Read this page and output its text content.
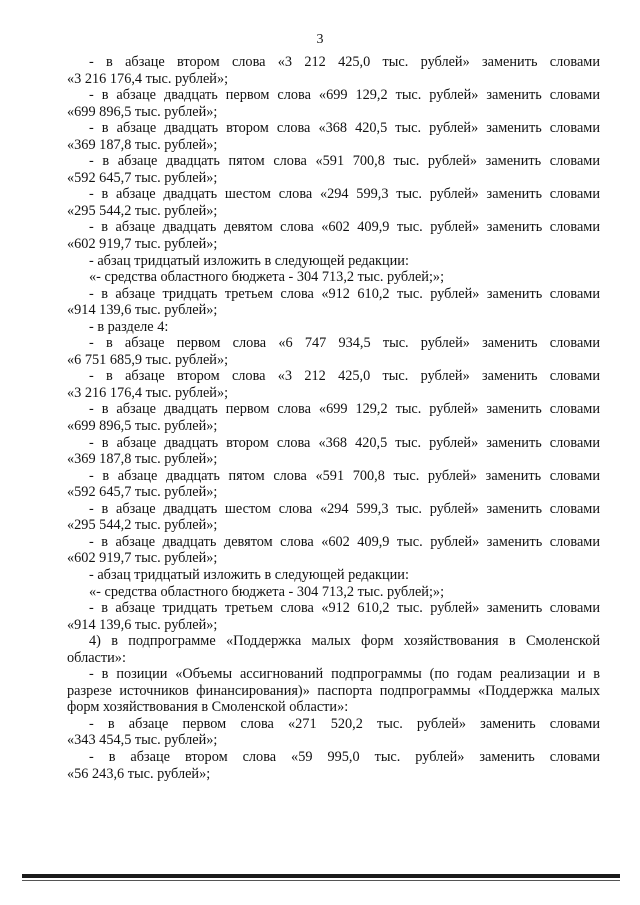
3
- в абзаце втором слова «3 212 425,0 тыс. рублей» заменить словами
«3 216 176,4 тыс. рублей»;
- в абзаце двадцать первом слова «699 129,2 тыс. рублей» заменить словами
«699 896,5 тыс. рублей»;
- в абзаце двадцать втором слова «368 420,5 тыс. рублей» заменить словами
«369 187,8 тыс. рублей»;
- в абзаце двадцать пятом слова «591 700,8 тыс. рублей» заменить словами
«592 645,7 тыс. рублей»;
- в абзаце двадцать шестом слова «294 599,3 тыс. рублей» заменить словами
«295 544,2 тыс. рублей»;
- в абзаце двадцать девятом слова «602 409,9 тыс. рублей» заменить словами
«602 919,7 тыс. рублей»;
- абзац тридцатый изложить в следующей редакции:
«- средства областного бюджета - 304 713,2 тыс. рублей;»;
- в абзаце тридцать третьем слова «912 610,2 тыс. рублей» заменить словами
«914 139,6 тыс. рублей»;
- в разделе 4:
- в абзаце первом слова «6 747 934,5 тыс. рублей» заменить словами
«6 751 685,9 тыс. рублей»;
- в абзаце втором слова «3 212 425,0 тыс. рублей» заменить словами
«3 216 176,4 тыс. рублей»;
- в абзаце двадцать первом слова «699 129,2 тыс. рублей» заменить словами
«699 896,5 тыс. рублей»;
- в абзаце двадцать втором слова «368 420,5 тыс. рублей» заменить словами
«369 187,8 тыс. рублей»;
- в абзаце двадцать пятом слова «591 700,8 тыс. рублей» заменить словами
«592 645,7 тыс. рублей»;
- в абзаце двадцать шестом слова «294 599,3 тыс. рублей» заменить словами
«295 544,2 тыс. рублей»;
- в абзаце двадцать девятом слова «602 409,9 тыс. рублей» заменить словами
«602 919,7 тыс. рублей»;
- абзац тридцатый изложить в следующей редакции:
«- средства областного бюджета - 304 713,2 тыс. рублей;»;
- в абзаце тридцать третьем слова «912 610,2 тыс. рублей» заменить словами
«914 139,6 тыс. рублей»;
4) в подпрограмме «Поддержка малых форм хозяйствования в Смоленской
области»:
- в позиции «Объемы ассигнований подпрограммы (по годам реализации и в
разрезе источников финансирования)» паспорта подпрограммы «Поддержка малых
форм хозяйствования в Смоленской области»:
- в абзаце первом слова «271 520,2 тыс. рублей» заменить словами
«343 454,5 тыс. рублей»;
- в абзаце втором слова «59 995,0 тыс. рублей» заменить словами
«56 243,6 тыс. рублей»;
